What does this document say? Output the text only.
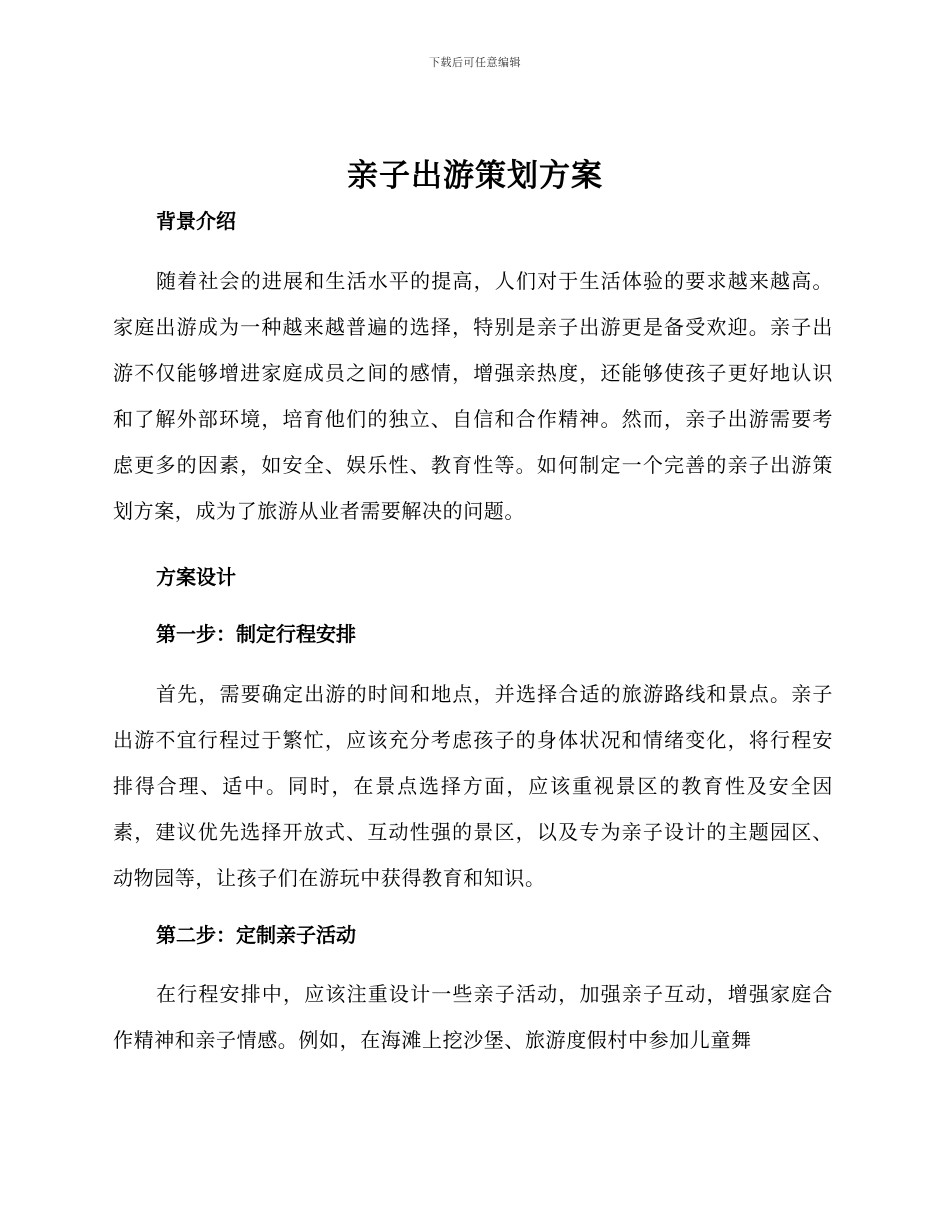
下载后可任意编辑
亲子出游策划方案

背景介绍

随着社会的进展和生活水平的提高，人们对于生活体验的要求越来越高。家庭出游成为一种越来越普遍的选择，特别是亲子出游更是备受欢迎。亲子出游不仅能够增进家庭成员之间的感情，增强亲热度，还能够使孩子更好地认识和了解外部环境，培育他们的独立、自信和合作精神。然而，亲子出游需要考虑更多的因素，如安全、娱乐性、教育性等。如何制定一个完善的亲子出游策划方案，成为了旅游从业者需要解决的问题。

方案设计

第一步：制定行程安排

首先，需要确定出游的时间和地点，并选择合适的旅游路线和景点。亲子出游不宜行程过于繁忙，应该充分考虑孩子的身体状况和情绪变化，将行程安排得合理、适中。同时，在景点选择方面，应该重视景区的教育性及安全因素，建议优先选择开放式、互动性强的景区，以及专为亲子设计的主题园区、动物园等，让孩子们在游玩中获得教育和知识。

第二步：定制亲子活动

在行程安排中，应该注重设计一些亲子活动，加强亲子互动，增强家庭合作精神和亲子情感。例如，在海滩上挖沙堡、旅游度假村中参加儿童舞
